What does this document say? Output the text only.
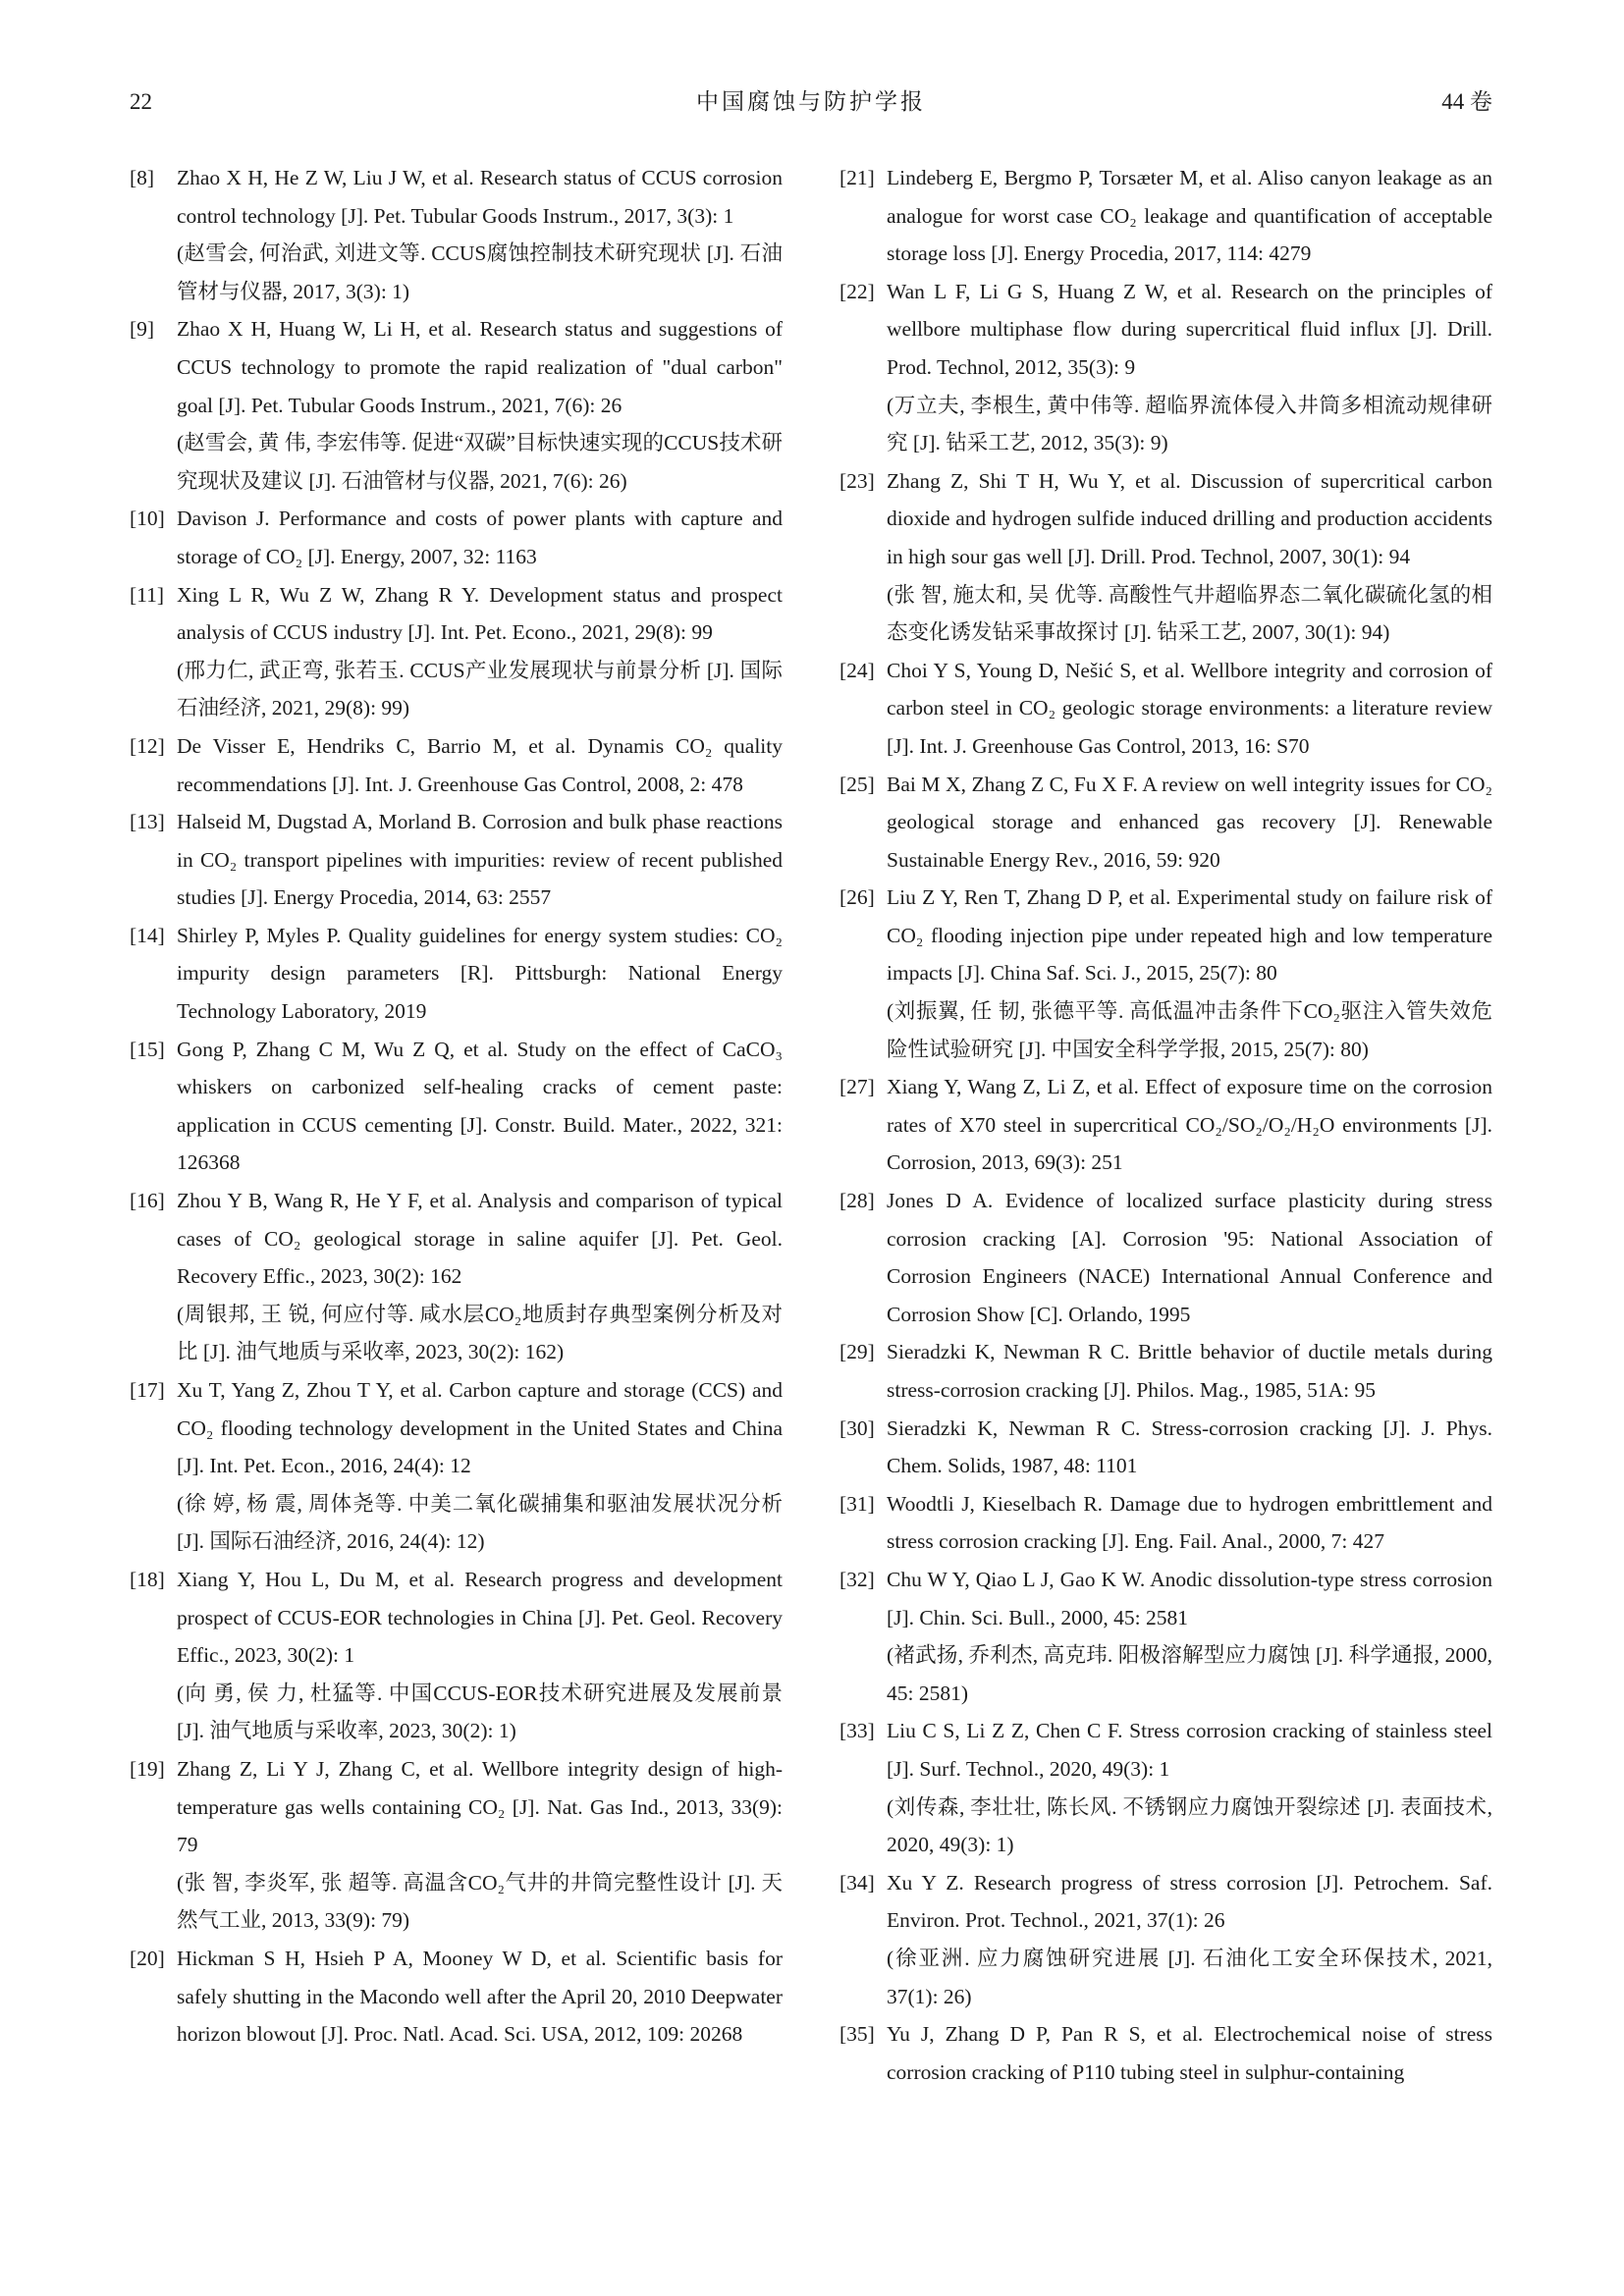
22	中国腐蚀与防护学报	44 卷
[8]	Zhao X H, He Z W, Liu J W, et al. Research status of CCUS corrosion control technology [J]. Pet. Tubular Goods Instrum., 2017, 3(3): 1
(赵雪会, 何治武, 刘进文等. CCUS腐蚀控制技术研究现状 [J]. 石油管材与仪器, 2017, 3(3): 1)
[9]	Zhao X H, Huang W, Li H, et al. Research status and suggestions of CCUS technology to promote the rapid realization of "dual carbon" goal [J]. Pet. Tubular Goods Instrum., 2021, 7(6): 26
(赵雪会, 黄 伟, 李宏伟等. 促进“双碳”目标快速实现的CCUS技术研究现状及建议 [J]. 石油管材与仪器, 2021, 7(6): 26)
[10] Davison J. Performance and costs of power plants with capture and storage of CO₂ [J]. Energy, 2007, 32: 1163
[11] Xing L R, Wu Z W, Zhang R Y. Development status and prospect analysis of CCUS industry [J]. Int. Pet. Econo., 2021, 29(8): 99
(邢力仁, 武正弯, 张若玉. CCUS产业发展现状与前景分析 [J]. 国际石油经济, 2021, 29(8): 99)
[12] De Visser E, Hendriks C, Barrio M, et al. Dynamis CO₂ quality recommendations [J]. Int. J. Greenhouse Gas Control, 2008, 2: 478
[13] Halseid M, Dugstad A, Morland B. Corrosion and bulk phase reactions in CO₂ transport pipelines with impurities: review of recent published studies [J]. Energy Procedia, 2014, 63: 2557
[14] Shirley P, Myles P. Quality guidelines for energy system studies: CO₂ impurity design parameters [R]. Pittsburgh: National Energy Technology Laboratory, 2019
[15] Gong P, Zhang C M, Wu Z Q, et al. Study on the effect of CaCO₃ whiskers on carbonized self-healing cracks of cement paste: application in CCUS cementing [J]. Constr. Build. Mater., 2022, 321: 126368
[16] Zhou Y B, Wang R, He Y F, et al. Analysis and comparison of typical cases of CO₂ geological storage in saline aquifer [J]. Pet. Geol. Recovery Effic., 2023, 30(2): 162
(周银邦, 王 锐, 何应付等. 咸水层CO₂地质封存典型案例分析及对比 [J]. 油气地质与采收率, 2023, 30(2): 162)
[17] Xu T, Yang Z, Zhou T Y, et al. Carbon capture and storage (CCS) and CO₂ flooding technology development in the United States and China [J]. Int. Pet. Econ., 2016, 24(4): 12
(徐 婷, 杨 震, 周体尧等. 中美二氧化碳捕集和驱油发展状况分析 [J]. 国际石油经济, 2016, 24(4): 12)
[18] Xiang Y, Hou L, Du M, et al. Research progress and development prospect of CCUS-EOR technologies in China [J]. Pet. Geol. Recovery Effic., 2023, 30(2): 1
(向 勇, 侯 力, 杜猛等. 中国CCUS-EOR技术研究进展及发展前景 [J]. 油气地质与采收率, 2023, 30(2): 1)
[19] Zhang Z, Li Y J, Zhang C, et al. Wellbore integrity design of high-temperature gas wells containing CO₂ [J]. Nat. Gas Ind., 2013, 33(9): 79
(张 智, 李炎军, 张 超等. 高温含CO₂气井的井筒完整性设计 [J]. 天然气工业, 2013, 33(9): 79)
[20] Hickman S H, Hsieh P A, Mooney W D, et al. Scientific basis for safely shutting in the Macondo well after the April 20, 2010 Deepwater horizon blowout [J]. Proc. Natl. Acad. Sci. USA, 2012, 109: 20268
[21] Lindeberg E, Bergmo P, Torsæter M, et al. Aliso canyon leakage as an analogue for worst case CO₂ leakage and quantification of acceptable storage loss [J]. Energy Procedia, 2017, 114: 4279
[22] Wan L F, Li G S, Huang Z W, et al. Research on the principles of wellbore multiphase flow during supercritical fluid influx [J]. Drill. Prod. Technol, 2012, 35(3): 9
(万立夫, 李根生, 黄中伟等. 超临界流体侵入井筒多相流动规律研究 [J]. 钻采工艺, 2012, 35(3): 9)
[23] Zhang Z, Shi T H, Wu Y, et al. Discussion of supercritical carbon dioxide and hydrogen sulfide induced drilling and production accidents in high sour gas well [J]. Drill. Prod. Technol, 2007, 30(1): 94
(张 智, 施太和, 吴 优等. 高酸性气井超临界态二氧化碳硫化氢的相态变化诱发钻采事故探讨 [J]. 钻采工艺, 2007, 30(1): 94)
[24] Choi Y S, Young D, Nešić S, et al. Wellbore integrity and corrosion of carbon steel in CO₂ geologic storage environments: a literature review [J]. Int. J. Greenhouse Gas Control, 2013, 16: S70
[25] Bai M X, Zhang Z C, Fu X F. A review on well integrity issues for CO₂ geological storage and enhanced gas recovery [J]. Renewable Sustainable Energy Rev., 2016, 59: 920
[26] Liu Z Y, Ren T, Zhang D P, et al. Experimental study on failure risk of CO₂ flooding injection pipe under repeated high and low temperature impacts [J]. China Saf. Sci. J., 2015, 25(7): 80
(刘振翼, 任 韧, 张德平等. 高低温冲击条件下CO₂驱注入管失效危险性试验研究 [J]. 中国安全科学学报, 2015, 25(7): 80)
[27] Xiang Y, Wang Z, Li Z, et al. Effect of exposure time on the corrosion rates of X70 steel in supercritical CO₂/SO₂/O₂/H₂O environments [J]. Corrosion, 2013, 69(3): 251
[28] Jones D A. Evidence of localized surface plasticity during stress corrosion cracking [A]. Corrosion '95: National Association of Corrosion Engineers (NACE) International Annual Conference and Corrosion Show [C]. Orlando, 1995
[29] Sieradzki K, Newman R C. Brittle behavior of ductile metals during stress-corrosion cracking [J]. Philos. Mag., 1985, 51A: 95
[30] Sieradzki K, Newman R C. Stress-corrosion cracking [J]. J. Phys. Chem. Solids, 1987, 48: 1101
[31] Woodtli J, Kieselbach R. Damage due to hydrogen embrittlement and stress corrosion cracking [J]. Eng. Fail. Anal., 2000, 7: 427
[32] Chu W Y, Qiao L J, Gao K W. Anodic dissolution-type stress corrosion [J]. Chin. Sci. Bull., 2000, 45: 2581
(褚武扬, 乔利杰, 高克玮. 阳极溶解型应力腐蚀 [J]. 科学通报, 2000, 45: 2581)
[33] Liu C S, Li Z Z, Chen C F. Stress corrosion cracking of stainless steel [J]. Surf. Technol., 2020, 49(3): 1
(刘传森, 李壮壮, 陈长风. 不锈钢应力腐蚀开裂综述 [J]. 表面技术, 2020, 49(3): 1)
[34] Xu Y Z. Research progress of stress corrosion [J]. Petrochem. Saf. Environ. Prot. Technol., 2021, 37(1): 26
(徐亚洲. 应力腐蚀研究进展 [J]. 石油化工安全环保技术, 2021, 37(1): 26)
[35] Yu J, Zhang D P, Pan R S, et al. Electrochemical noise of stress corrosion cracking of P110 tubing steel in sulphur-containing
